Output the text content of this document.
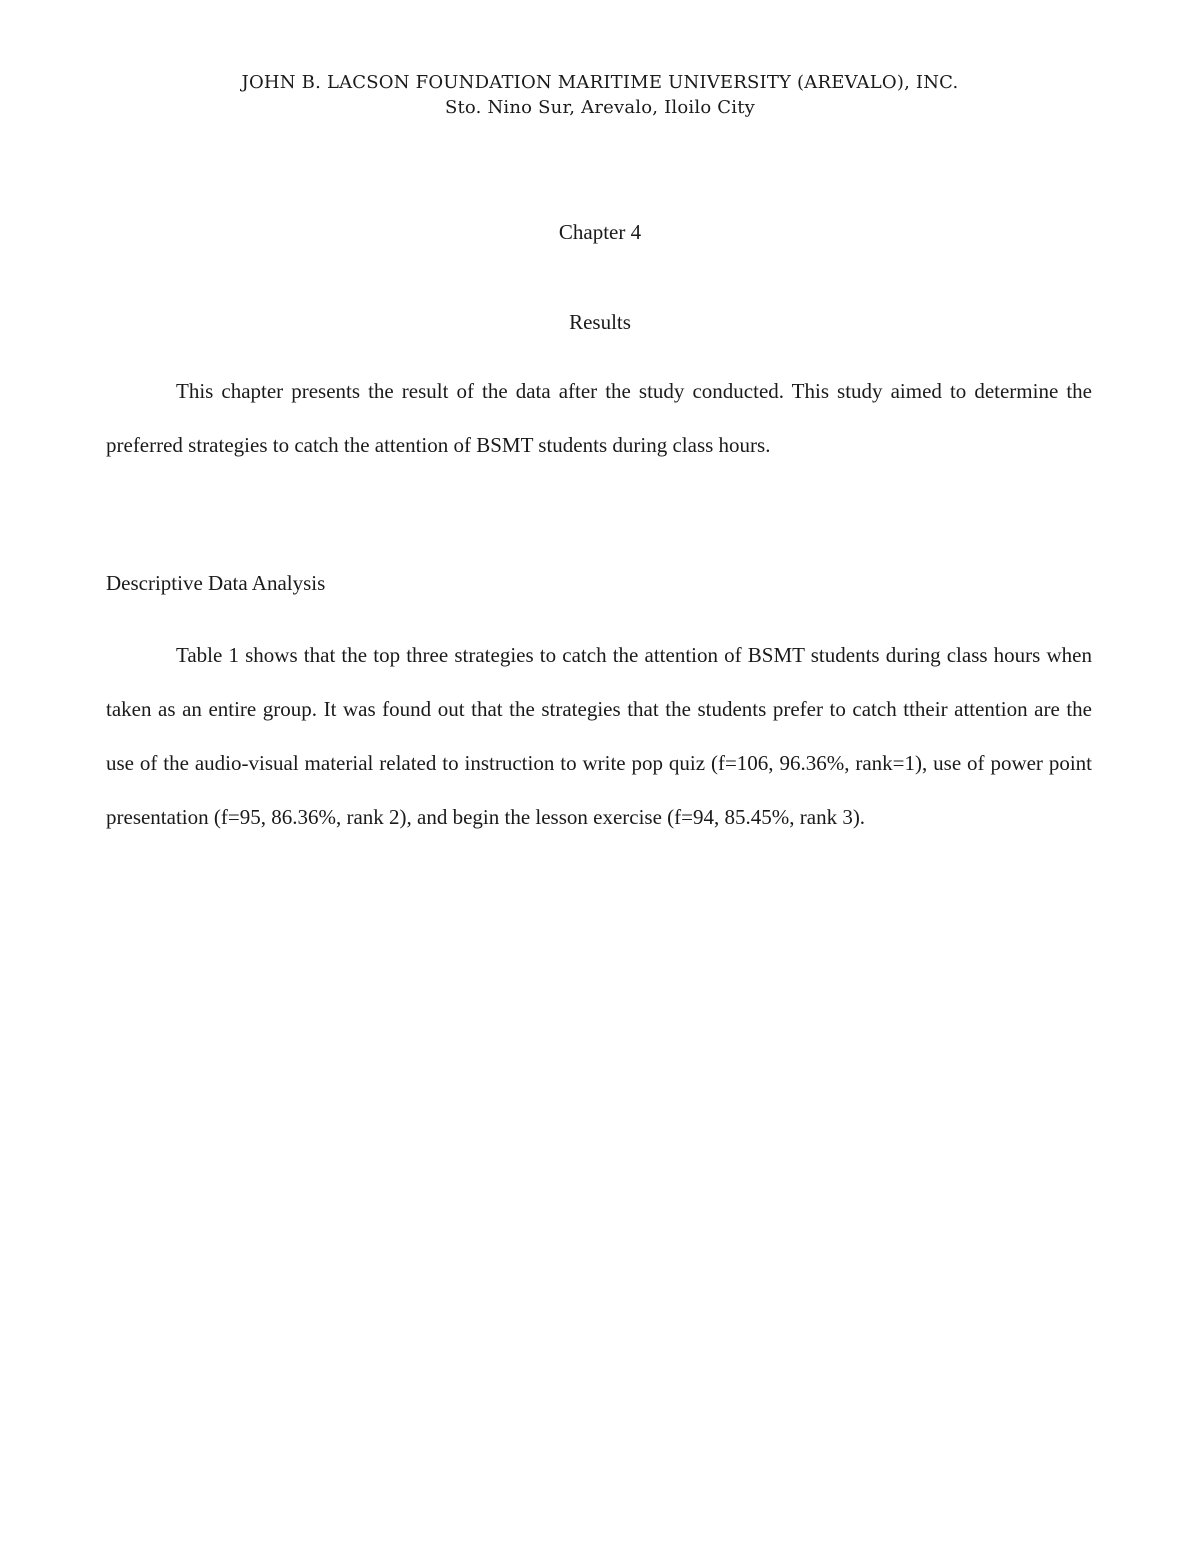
JOHN B. LACSON FOUNDATION MARITIME UNIVERSITY (AREVALO), INC.
Sto. Nino Sur, Arevalo, Iloilo City
Chapter 4
Results

This chapter presents the result of the data after the study conducted. This study aimed to determine the preferred strategies to catch the attention of BSMT students during class hours.

Descriptive Data Analysis

Table 1 shows that the top three strategies to catch the attention of BSMT students during class hours when taken as an entire group. It was found out that the strategies that the students prefer to catch ttheir attention are the use of the audio-visual material related to instruction to write pop quiz (f=106, 96.36%, rank=1), use of power point presentation (f=95, 86.36%, rank 2), and begin the lesson exercise (f=94, 85.45%, rank 3).
